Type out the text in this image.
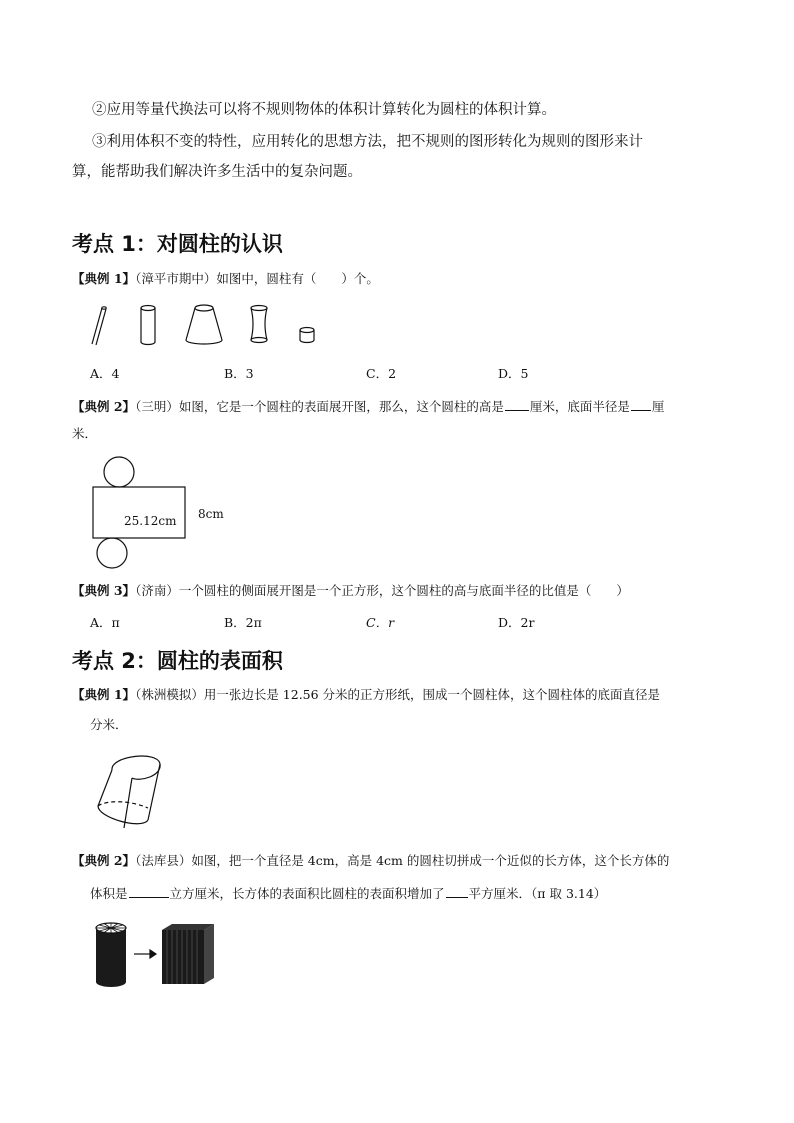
②应用等量代换法可以将不规则物体的体积计算转化为圆柱的体积计算。
③利用体积不变的特性，应用转化的思想方法，把不规则的图形转化为规则的图形来计
算，能帮助我们解决许多生活中的复杂问题。
考点 1：对圆柱的认识
【典例 1】（漳平市期中）如图中，圆柱有（　　）个。
A．4	B．3	C．2	D．5
【典例 2】（三明）如图，它是一个圆柱的表面展开图，那么，这个圆柱的高是 厘米，底面半径是 厘
米．
25.12cm 8cm
【典例 3】（济南）一个圆柱的侧面展开图是一个正方形，这个圆柱的高与底面半径的比值是（　　）
A．π	B．2π	C．r	D．2r
考点 2：圆柱的表面积
【典例 1】（株洲模拟）用一张边长是 12.56 分米的正方形纸，围成一个圆柱体，这个圆柱体的底面直径是
分米．
【典例 2】（法库县）如图，把一个直径是 4cm，高是 4cm 的圆柱切拼成一个近似的长方体，这个长方体的
体积是	立方厘米，长方体的表面积比圆柱的表面积增加了 平方厘米．（π 取 3.14）
